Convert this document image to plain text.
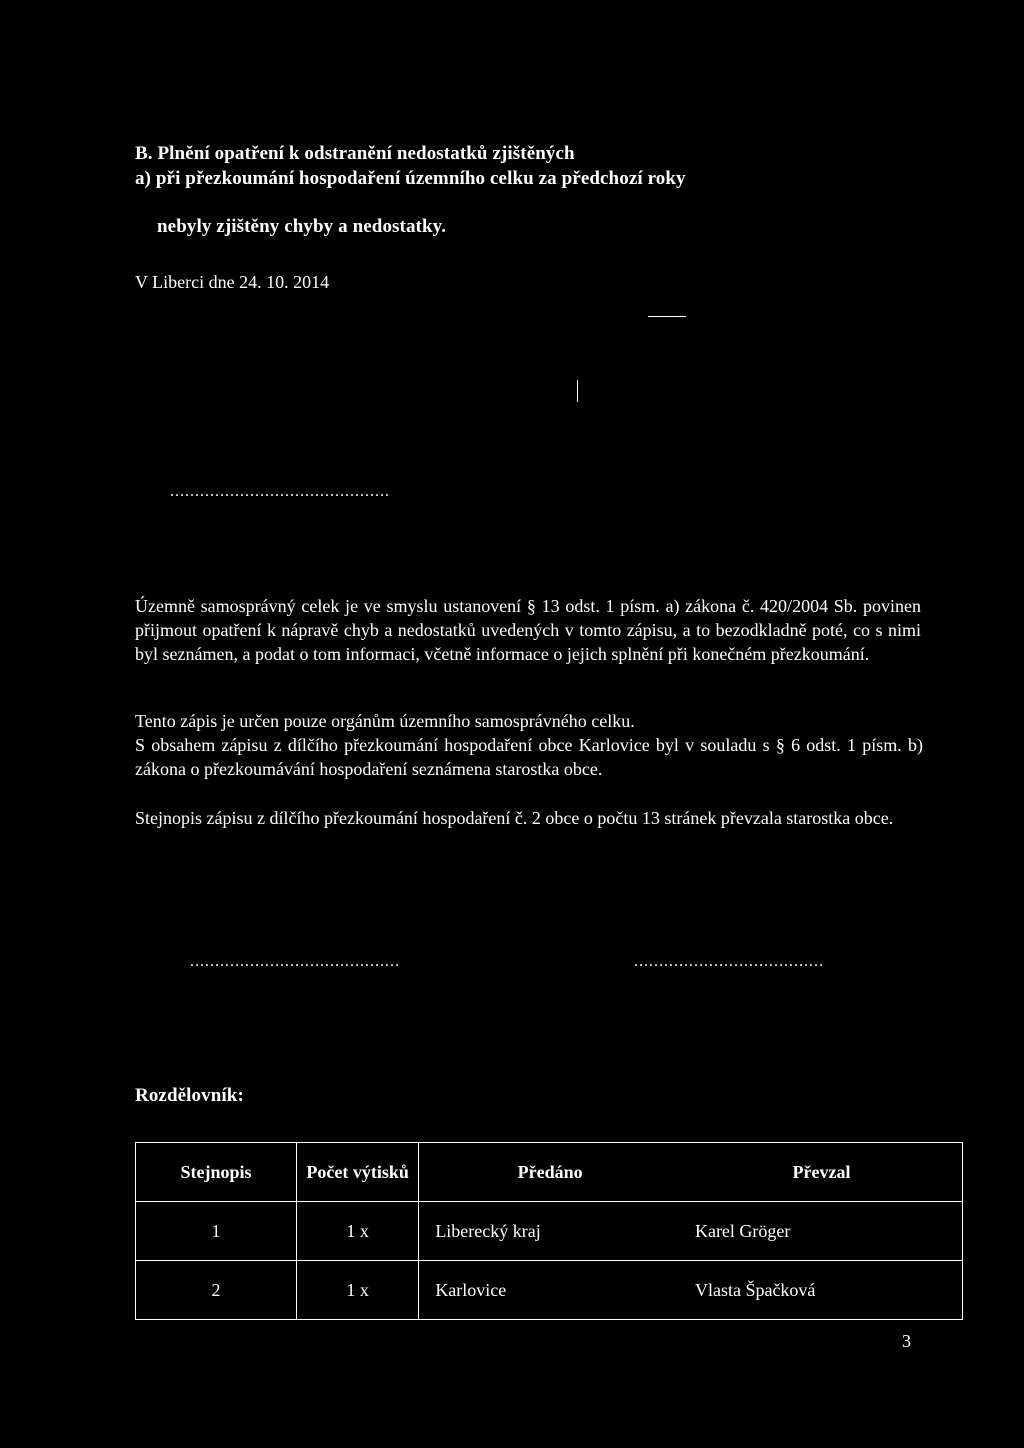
B. Plnění opatření k odstranění nedostatků zjištěných
a) při přezkoumání hospodaření územního celku za předchozí roky
nebyly zjištěny chyby a nedostatky.
V Liberci dne 24. 10. 2014
............................................
Územně samosprávný celek je ve smyslu ustanovení § 13 odst. 1 písm. a) zákona č. 420/2004 Sb. povinen přijmout opatření k nápravě chyb a nedostatků uvedených v tomto zápisu, a to bezodkladně poté, co s nimi byl seznámen, a podat o tom informaci, včetně informace o jejich splnění při konečném přezkoumání.
Tento zápis je určen pouze orgánům územního samosprávného celku.
S obsahem zápisu z dílčího přezkoumání hospodaření obce Karlovice byl v souladu s § 6 odst. 1 písm. b) zákona o přezkoumávání hospodaření seznámena starostka obce.
Stejnopis zápisu z dílčího přezkoumání hospodaření č. 2 obce o počtu 13 stránek převzala starostka obce.
..........................................	......................................
Rozdělovník:
Stejnopis	Počet výtisků	Předáno	Převzal
1	1 x	Liberecký kraj	Karel Gröger
2	1 x	Karlovice	Vlasta Špačková
3
